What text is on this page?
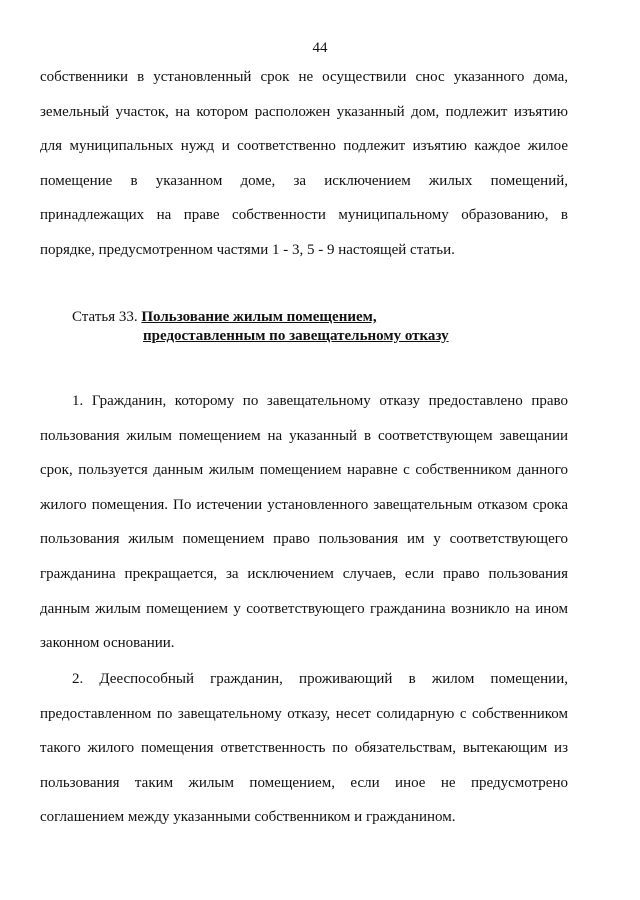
44

собственники в установленный срок не осуществили снос указанного дома, земельный участок, на котором расположен указанный дом, подлежит изъятию для муниципальных нужд и соответственно подлежит изъятию каждое жилое помещение в указанном доме, за исключением жилых помещений, принадлежащих на праве собственности муниципальному образованию, в порядке, предусмотренном частями 1 - 3, 5 - 9 настоящей статьи.

Статья 33. Пользование жилым помещением,
предоставленным по завещательному отказу

1. Гражданин, которому по завещательному отказу предоставлено право пользования жилым помещением на указанный в соответствующем завещании срок, пользуется данным жилым помещением наравне с собственником данного жилого помещения. По истечении установленного завещательным отказом срока пользования жилым помещением право пользования им у соответствующего гражданина прекращается, за исключением случаев, если право пользования данным жилым помещением у соответствующего гражданина возникло на ином законном основании.

2. Дееспособный гражданин, проживающий в жилом помещении, предоставленном по завещательному отказу, несет солидарную с собственником такого жилого помещения ответственность по обязательствам, вытекающим из пользования таким жилым помещением, если иное не предусмотрено соглашением между указанными собственником и гражданином.
